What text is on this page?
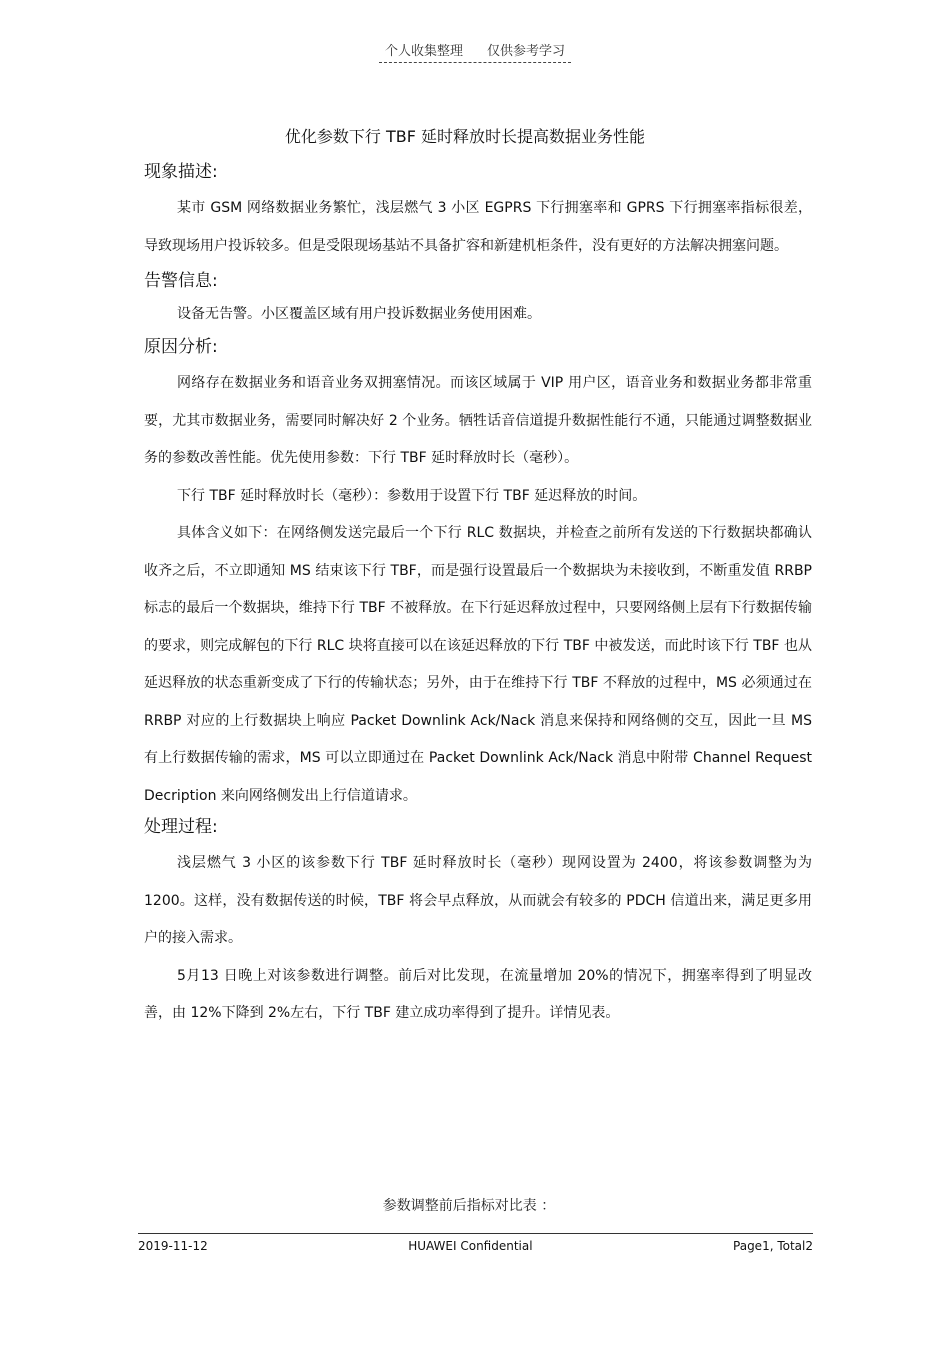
个人收集整理 仅供参考学习
优化参数下行 TBF 延时释放时长提高数据业务性能
现象描述:

某市 GSM 网络数据业务繁忙，浅层燃气 3 小区 EGPRS 下行拥塞率和 GPRS 下行拥塞率指标很差，导致现场用户投诉较多。但是受限现场基站不具备扩容和新建机柜条件，没有更好的方法解决拥塞问题。

告警信息:

设备无告警。小区覆盖区域有用户投诉数据业务使用困难。

原因分析:

网络存在数据业务和语音业务双拥塞情况。而该区域属于 VIP 用户区，语音业务和数据业务都非常重要，尤其市数据业务，需要同时解决好 2 个业务。牺牲话音信道提升数据性能行不通，只能通过调整数据业务的参数改善性能。优先使用参数：下行 TBF 延时释放时长（毫秒）。

下行 TBF 延时释放时长（毫秒）：参数用于设置下行 TBF 延迟释放的时间。

具体含义如下：在网络侧发送完最后一个下行 RLC 数据块，并检查之前所有发送的下行数据块都确认收齐之后，不立即通知 MS 结束该下行 TBF，而是强行设置最后一个数据块为未接收到，不断重发值 RRBP 标志的最后一个数据块，维持下行 TBF 不被释放。在下行延迟释放过程中，只要网络侧上层有下行数据传输的要求，则完成解包的下行 RLC 块将直接可以在该延迟释放的下行 TBF 中被发送，而此时该下行 TBF 也从延迟释放的状态重新变成了下行的传输状态；另外，由于在维持下行 TBF 不释放的过程中，MS 必须通过在 RRBP 对应的上行数据块上响应 Packet Downlink Ack/Nack 消息来保持和网络侧的交互，因此一旦 MS 有上行数据传输的需求，MS 可以立即通过在 Packet Downlink Ack/Nack 消息中附带 Channel Request Decription 来向网络侧发出上行信道请求。

处理过程:

浅层燃气 3 小区的该参数下行 TBF 延时释放时长（毫秒）现网设置为 2400，将该参数调整为为 1200。这样，没有数据传送的时候，TBF 将会早点释放，从而就会有较多的 PDCH 信道出来，满足更多用户的接入需求。

5月13 日晚上对该参数进行调整。前后对比发现，在流量增加 20%的情况下，拥塞率得到了明显改善，由 12%下降到 2%左右，下行 TBF 建立成功率得到了提升。详情见表。

参数调整前后指标对比表 ：
2019-11-12	HUAWEI Confidential	Page1, Total2
